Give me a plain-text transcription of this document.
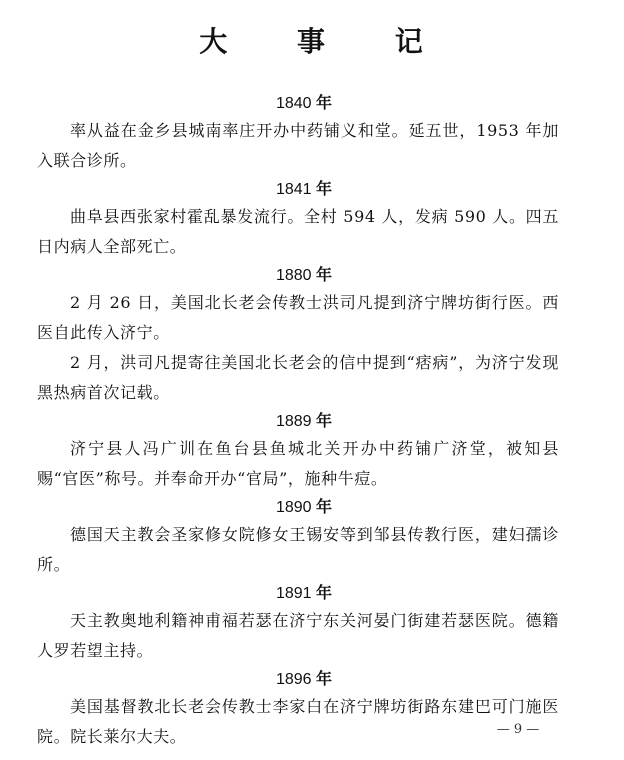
大 事 记
1840 年

率从益在金乡县城南率庄开办中药铺义和堂。延五世，1953 年加入联合诊所。

1841 年

曲阜县西张家村霍乱暴发流行。全村 594 人，发病 590 人。四五日内病人全部死亡。

1880 年

2 月 26 日，美国北长老会传教士洪司凡提到济宁牌坊街行医。西医自此传入济宁。

2 月，洪司凡提寄往美国北长老会的信中提到“痞病”，为济宁发现黑热病首次记载。

1889 年

济宁县人冯广训在鱼台县鱼城北关开办中药铺广济堂，被知县赐“官医”称号。并奉命开办“官局”，施种牛痘。

1890 年

德国天主教会圣家修女院修女王锡安等到邹县传教行医，建妇孺诊所。

1891 年

天主教奥地利籍神甫福若瑟在济宁东关河晏门街建若瑟医院。德籍人罗若望主持。

1896 年

美国基督教北长老会传教士李家白在济宁牌坊街路东建巴可门施医院。院长莱尔大夫。	— 9 —
